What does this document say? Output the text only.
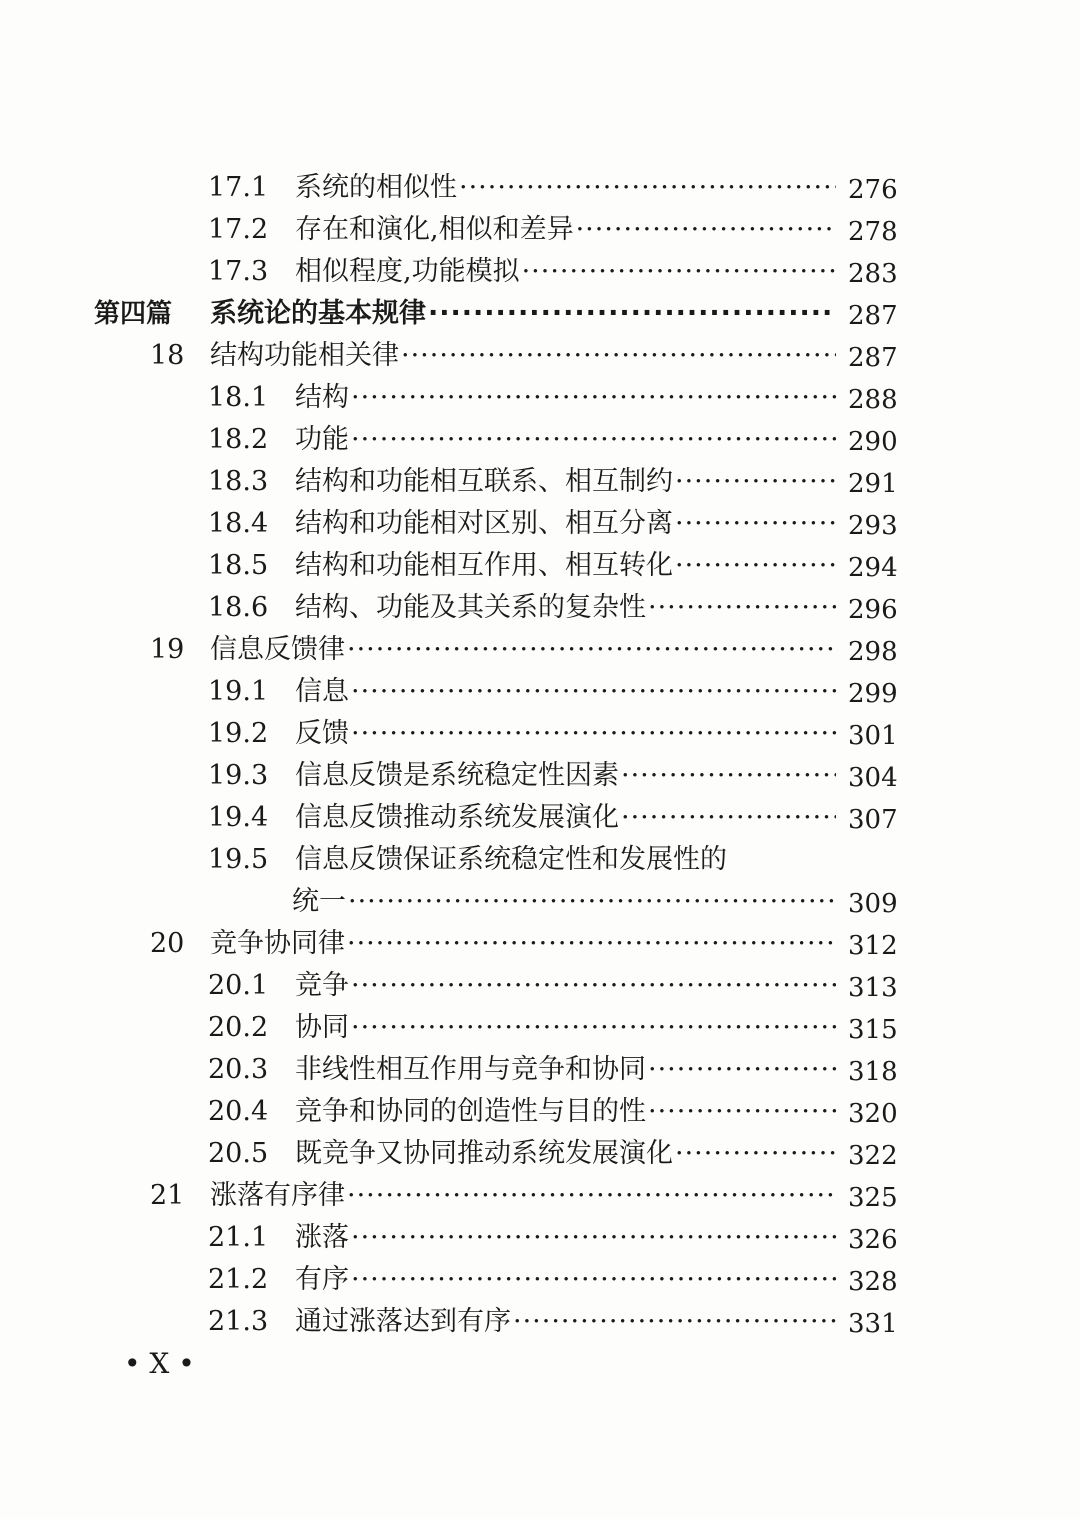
17.1 系统的相似性 ·····	276
17.2 存在和演化,相似和差异 ·····	278
17.3 相似程度,功能模拟 ·····	283
第四篇 系统论的基本规律 ·····	287
18 结构功能相关律 ·····	287
18.1 结构 ·····	288
18.2 功能 ·····	290
18.3 结构和功能相互联系、相互制约 ·····	291
18.4 结构和功能相对区别、相互分离 ·····	293
18.5 结构和功能相互作用、相互转化 ·····	294
18.6 结构、功能及其关系的复杂性 ·····	296
19 信息反馈律 ·····	298
19.1 信息 ·····	299
19.2 反馈 ·····	301
19.3 信息反馈是系统稳定性因素 ·····	304
19.4 信息反馈推动系统发展演化 ·····	307
19.5 信息反馈保证系统稳定性和发展性的
统一 ·····	309
20 竞争协同律 ·····	312
20.1 竞争 ·····	313
20.2 协同 ·····	315
20.3 非线性相互作用与竞争和协同 ·····	318
20.4 竞争和协同的创造性与目的性 ·····	320
20.5 既竞争又协同推动系统发展演化 ·····	322
21 涨落有序律 ·····	325
21.1 涨落 ·····	326
21.2 有序 ·····	328
21.3 通过涨落达到有序 ·····	331
• X •
